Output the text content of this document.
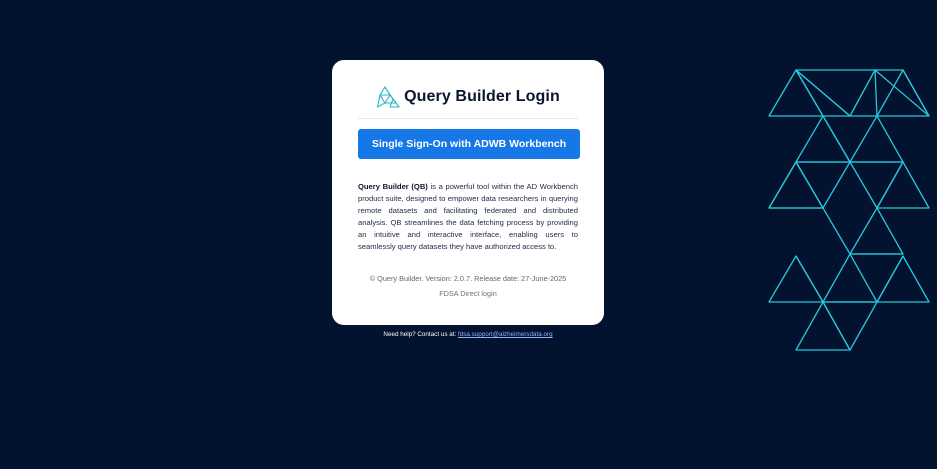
Query Builder Login
Single Sign-On with ADWB Workbench

Query Builder (QB) is a powerful tool within the AD Workbench product suite, designed to empower data researchers in querying remote datasets and facilitating federated and distributed analysis. QB streamlines the data fetching process by providing an intuitive and interactive interface, enabling users to seamlessly query datasets they have authorized access to.

© Query Builder. Version: 2.0.7. Release date: 27-June-2025
FDSA Direct login
Need help? Contact us at: fdsa.support@alzheimersdata.org
